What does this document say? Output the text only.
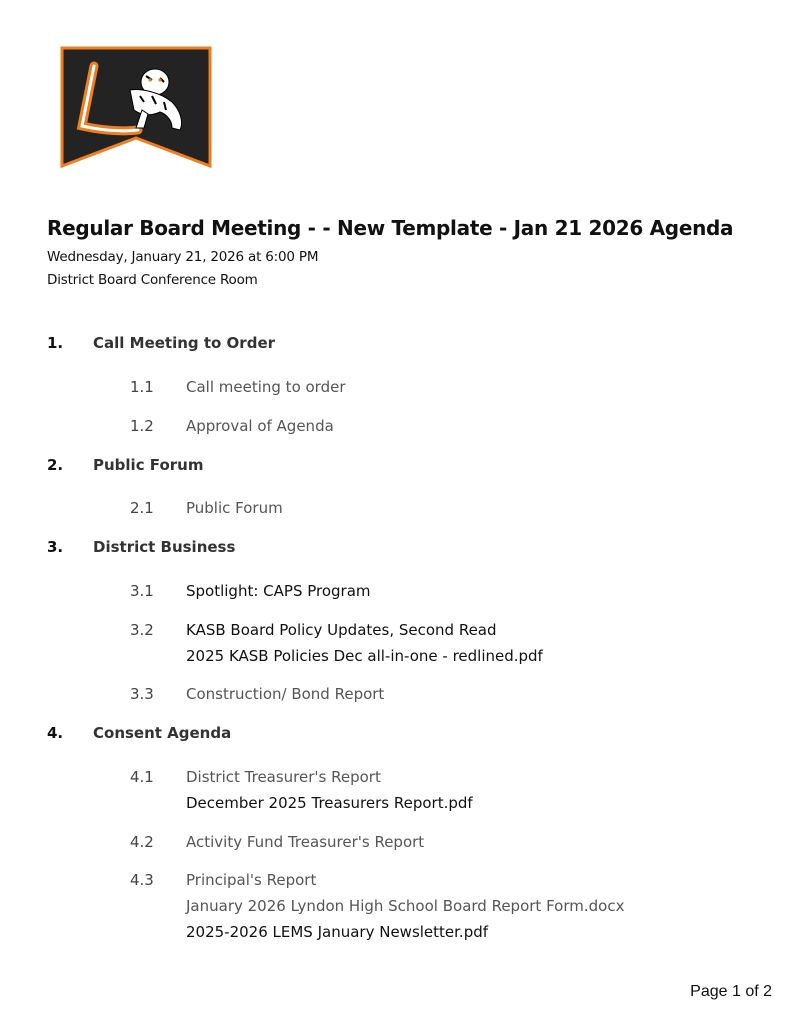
Regular Board Meeting - - New Template - Jan 21 2026 Agenda

Wednesday, January 21, 2026 at 6:00 PM

District Board Conference Room

1. Call Meeting to Order
1.1 Call meeting to order
1.2 Approval of Agenda
2. Public Forum
2.1 Public Forum
3. District Business
3.1 Spotlight: CAPS Program
3.2 KASB Board Policy Updates, Second Read
2025 KASB Policies Dec all-in-one - redlined.pdf
3.3 Construction/ Bond Report
4. Consent Agenda
4.1 District Treasurer's Report
December 2025 Treasurers Report.pdf
4.2 Activity Fund Treasurer's Report
4.3 Principal's Report
January 2026 Lyndon High School Board Report Form.docx
2025-2026 LEMS January Newsletter.pdf
Page 1 of 2
